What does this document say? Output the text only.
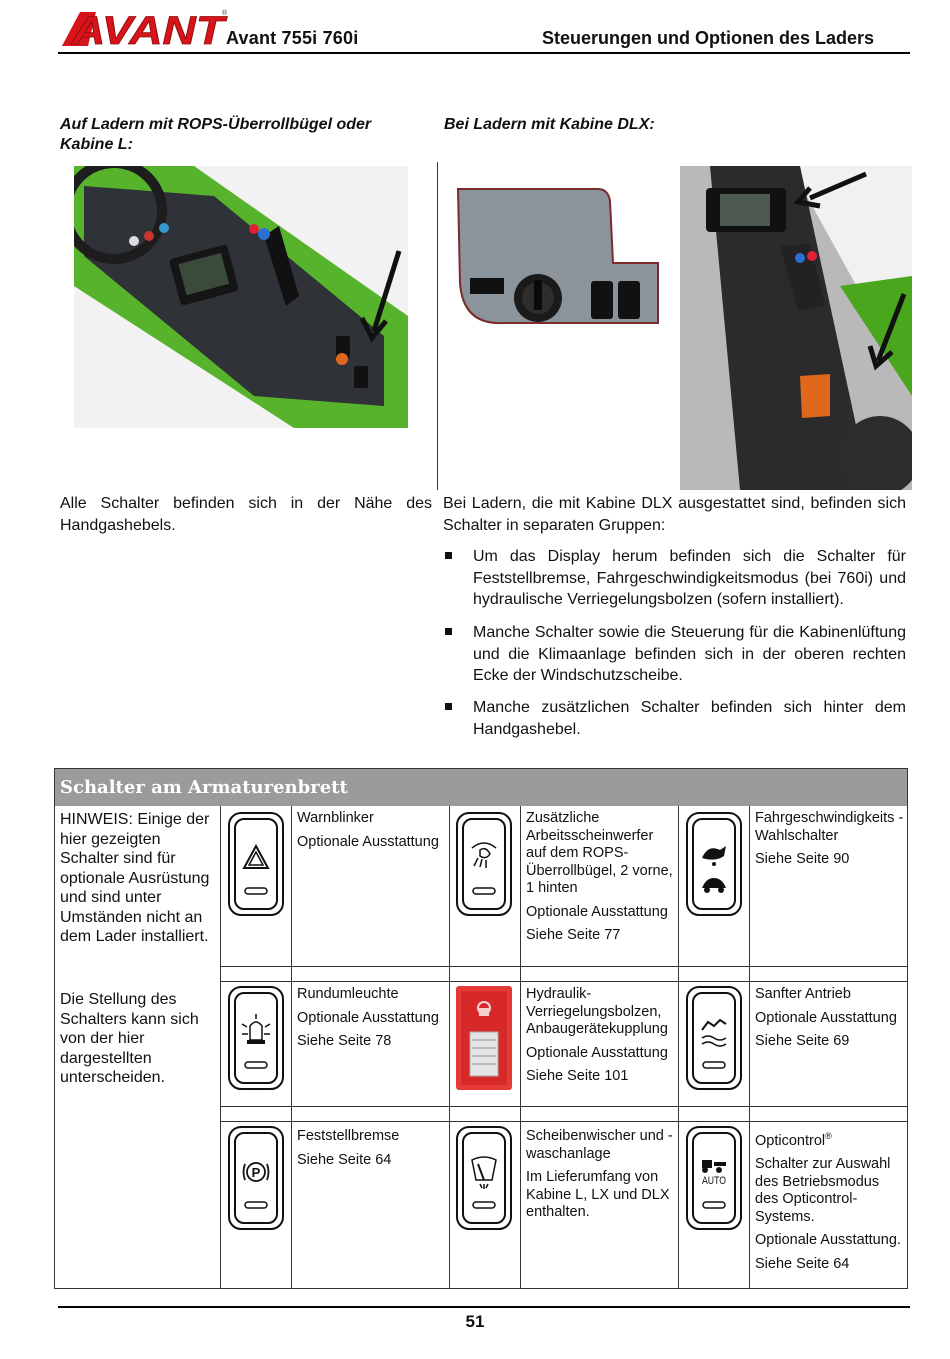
AVANT
®
Avant 755i 760i	Steuerungen und Optionen des Laders
Auf Ladern mit ROPS-Überrollbügel oder Kabine L:
Bei Ladern mit Kabine DLX:
Alle Schalter befinden sich in der Nähe des Handgashebels.
Bei Ladern, die mit Kabine DLX ausgestattet sind, befinden sich Schalter in separaten Gruppen:
Um das Display herum befinden sich die Schalter für Feststellbremse, Fahrgeschwindigkeitsmodus (bei 760i) und hydraulische Verriegelungsbolzen (sofern installiert).
Manche Schalter sowie die Steuerung für die Kabinenlüftung und die Klimaanlage befinden sich in der oberen rechten Ecke der Windschutzscheibe.
Manche zusätzlichen Schalter befinden sich hinter dem Handgashebel.
Schalter am Armaturenbrett
HINWEIS: Einige der hier gezeigten Schalter sind für optionale Ausrüstung und sind unter Umständen nicht an dem Lader installiert.
Die Stellung des Schalters kann sich von der hier dargestellten unterscheiden.
P
AUTO

Warnblinker

Optionale Ausstattung

Zusätzliche Arbeitsscheinwerfer auf dem ROPS-Überrollbügel, 2 vorne, 1 hinten

Optionale Ausstattung

Siehe Seite 77

Fahrgeschwindigkeits -Wahlschalter

Siehe Seite 90

Rundumleuchte

Optionale Ausstattung

Siehe Seite 78

Hydraulik-Verriegelungsbolzen, Anbaugerätekupplung

Optionale Ausstattung

Siehe Seite 101

Sanfter Antrieb

Optionale Ausstattung

Siehe Seite 69

Feststellbremse

Siehe Seite 64

Scheibenwischer und -waschanlage

Im Lieferumfang von Kabine L, LX und DLX enthalten.

Opticontrol®

Schalter zur Auswahl des Betriebsmodus des Opticontrol-Systems.

Optionale Ausstattung.

Siehe Seite 64

51
